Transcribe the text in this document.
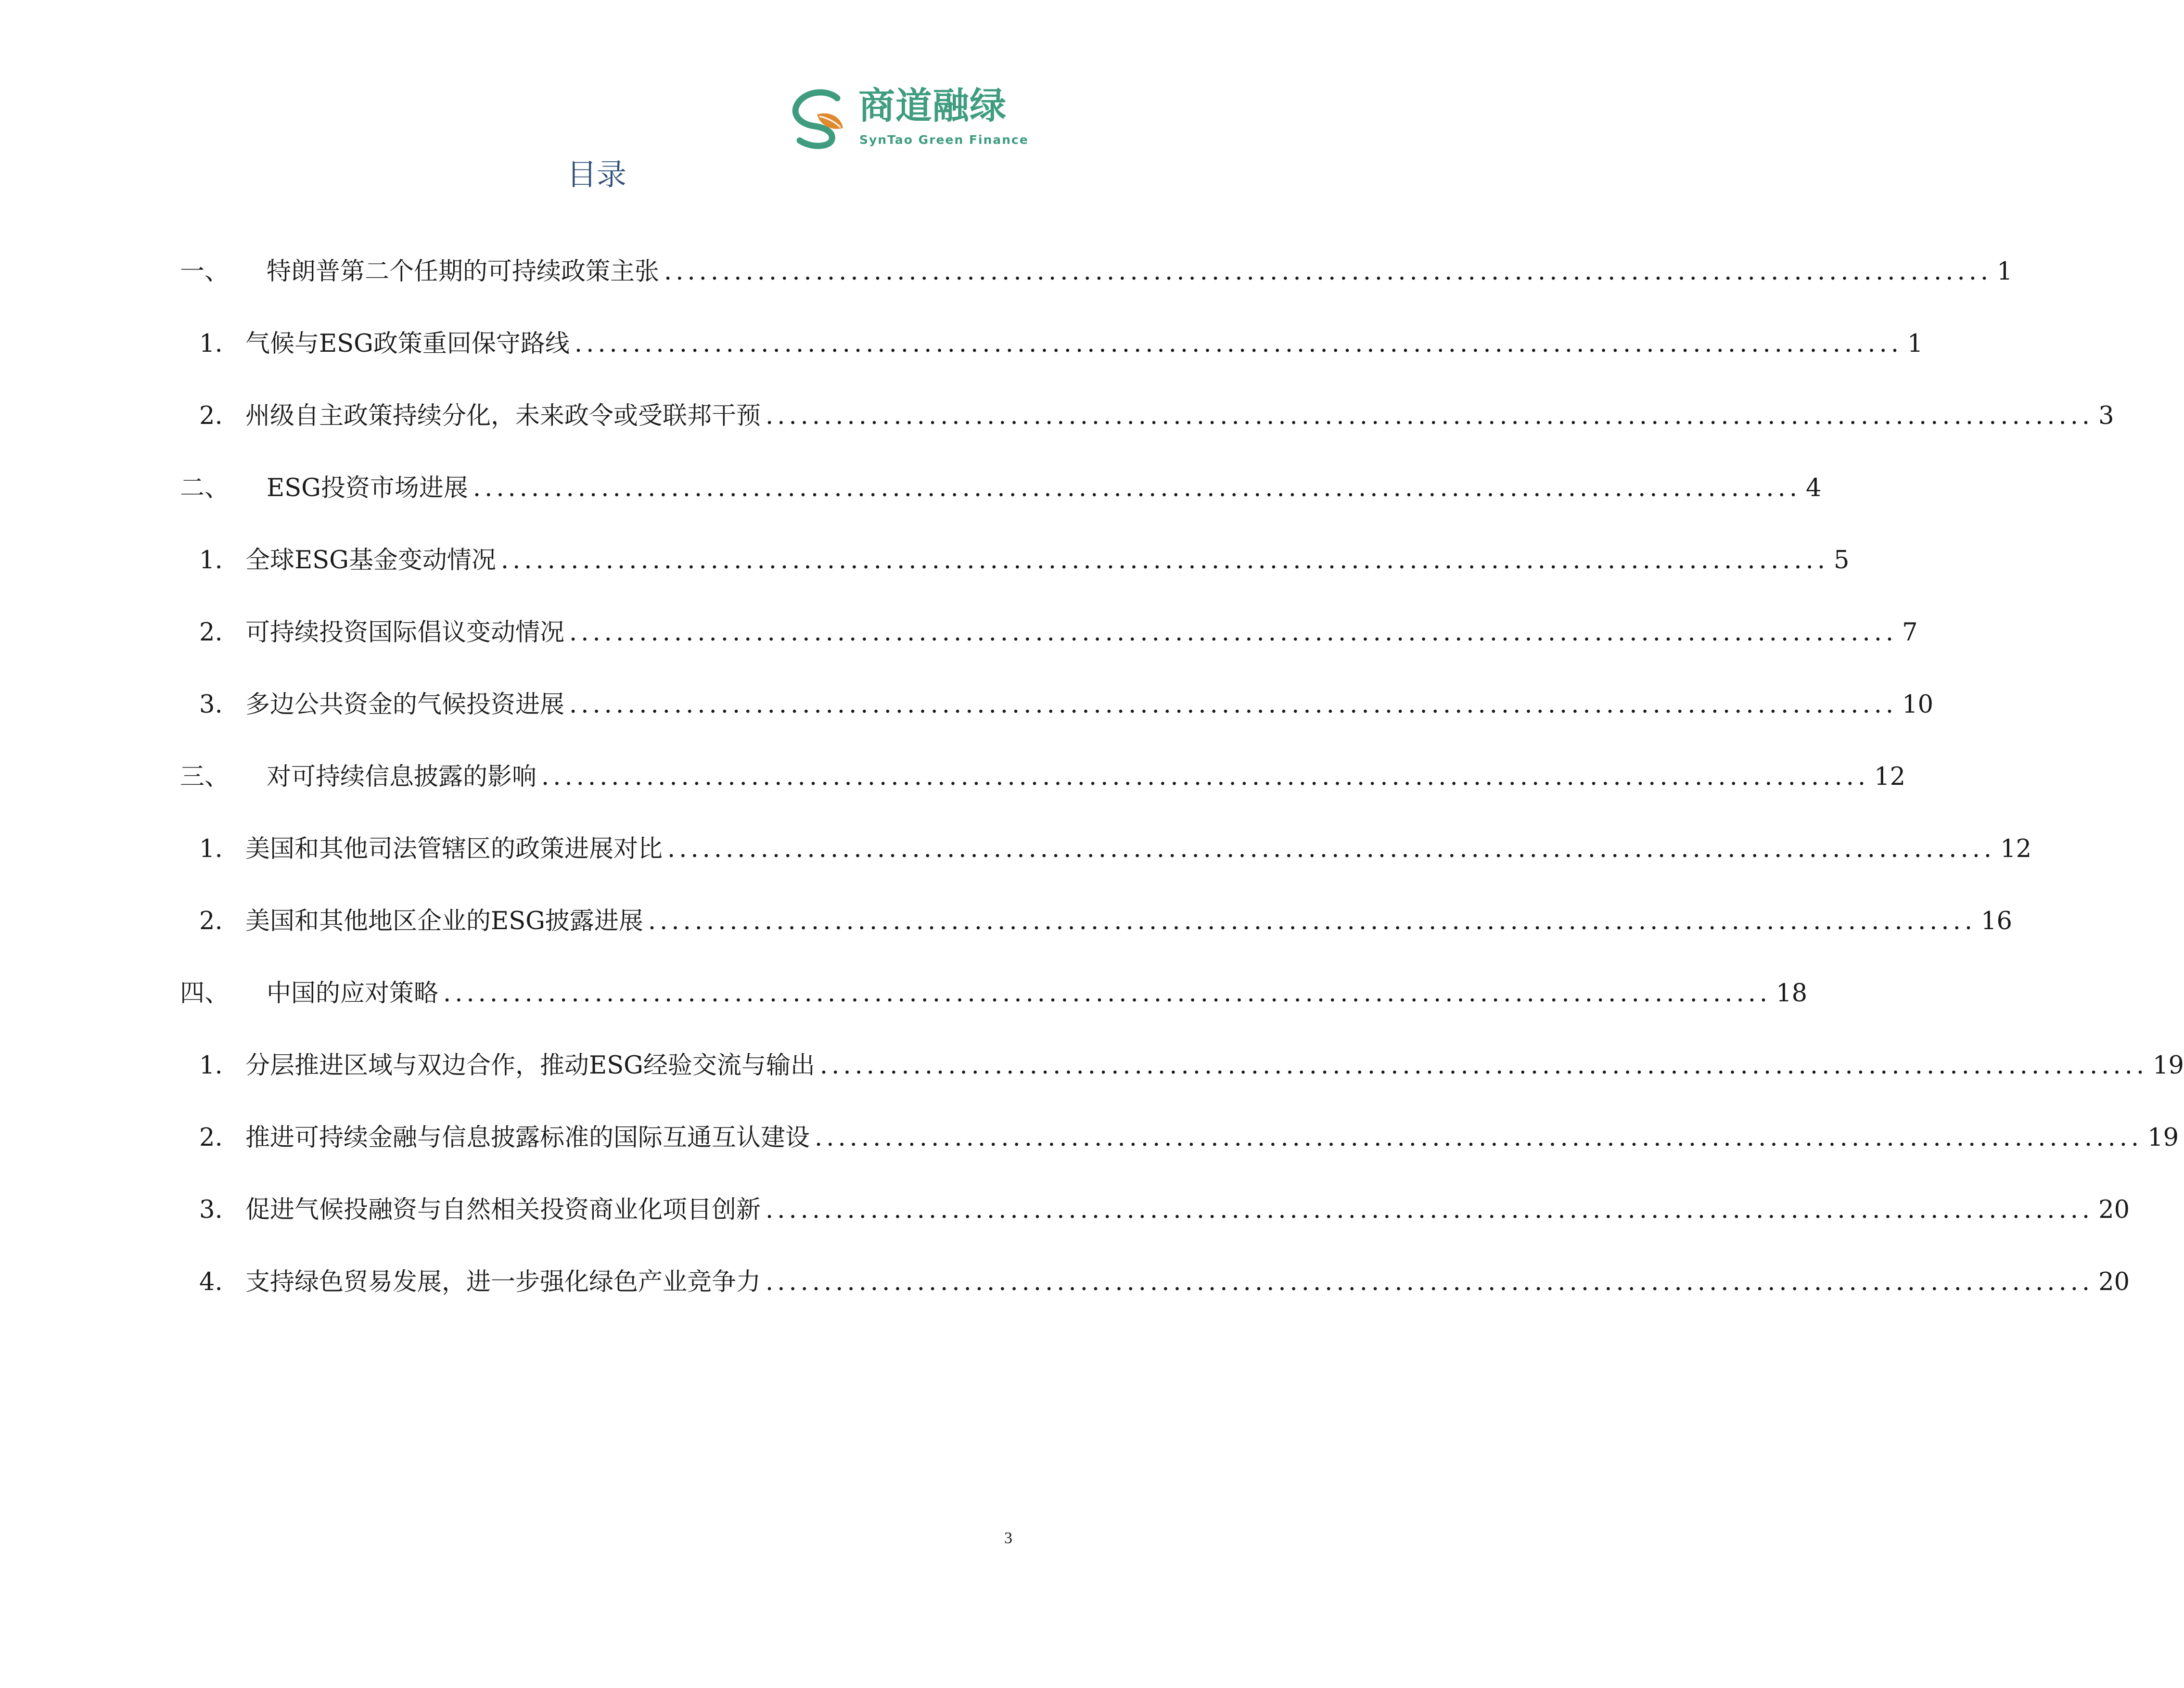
商道融绿
SynTao Green Finance
目录
一、	特朗普第二个任期的可持续政策主张 .................................................................................................................. 1
1. 气候与ESG政策重回保守路线 .................................................................................................................. 1
2. 州级自主政策持续分化，未来政令或受联邦干预 .................................................................................................................. 3
二、	ESG投资市场进展 .................................................................................................................. 4
1. 全球ESG基金变动情况 .................................................................................................................. 5
2. 可持续投资国际倡议变动情况 .................................................................................................................. 7
3. 多边公共资金的气候投资进展 .................................................................................................................. 10
三、	对可持续信息披露的影响 .................................................................................................................. 12
1. 美国和其他司法管辖区的政策进展对比 .................................................................................................................. 12
2. 美国和其他地区企业的ESG披露进展 .................................................................................................................. 16
四、	中国的应对策略 .................................................................................................................. 18
1. 分层推进区域与双边合作，推动ESG经验交流与输出 .................................................................................................................. 19
2. 推进可持续金融与信息披露标准的国际互通互认建设 .................................................................................................................. 19
3. 促进气候投融资与自然相关投资商业化项目创新 .................................................................................................................. 20
4. 支持绿色贸易发展，进一步强化绿色产业竞争力 .................................................................................................................. 20
3
